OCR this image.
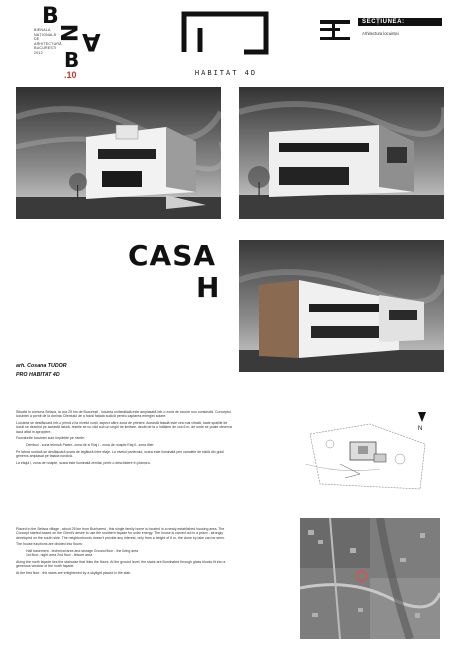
B
N A
B
BIENALA
NAȚIONALĂ
DE
ARHITECTURĂ
BUCUREȘTI
2012
.10	HABITAT 4D
SECȚIUNEA:
Arhitectura locuinței
CASA
H
arh. Cosana TUDOR
PRO HABITAT 4D

Situată în comuna Sefaca, la cca 25 km de București , locuința unifamilială este amplasată într-o zonă de locuire nou construită. Conceptul locuinței a pornit de la dorința Clientului de a folosi fațada sudică pentru captarea energiei solare.

Locuința se desfășoară într-o primă zi la nivelul curții, aspect către zona de prieteni. Această fațadă este cea mai vitrată, toate spațiile de locuit se deschid pe această latură. Ieșirile se nu văd sub un unghi de limitare, decât de la o înălțime de cca 6 m. de unde se poate observa lacul aflat în apropiere.

Funcțiunile locuinței sunt împărțite pe nivele:

Demisol - zona tehnică Parter- zona de zi Etaj I - zona de noapte Etaj II- zona liber

Pe latura nordică se desfășoară scara de legătură între etaje. La nivelul parterului, scara este iluminată prin canalele de sticlă din golul generos amplasat pe fațada nordică.

La etajul I, zona de noapte, scara este iluminată zenital, printr-o deschidere în planșeu.

Placed in the Sefaca village , about 25 km from Bucharest , this single family home is located in a newly established housing area. The Concept started based on the Client's desire to use the southern façade for solar energy. The house is carved out in a prism - strongly developed on the south side. The neighborhoods doesn't provide any interest, only from a height of 6 m. the close by lake can be seen.

The house functions are divided into floors:

Half basement - technical area and storage Ground floor - the living area
1st floor- night area 2nd floor - leisure area

Along the north façade lies the staircase that links the floors. At the ground level, the stairs are illuminated through glass blocks fit into a generous window of the north façade.

At the first floor , the stairs are enlightened by a skylight placed in the slab.

N
